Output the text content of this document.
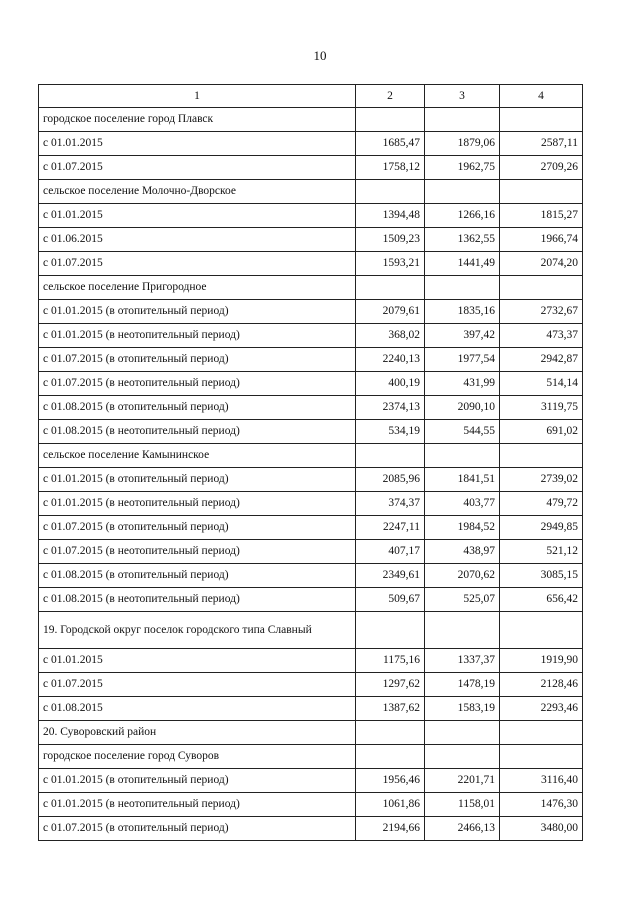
10
1	2	3	4
городское поселение город Плавск			
с 01.01.2015	1685,47	1879,06	2587,11
с 01.07.2015	1758,12	1962,75	2709,26
сельское поселение Молочно-Дворское			
с 01.01.2015	1394,48	1266,16	1815,27
с 01.06.2015	1509,23	1362,55	1966,74
с 01.07.2015	1593,21	1441,49	2074,20
сельское поселение Пригородное			
с 01.01.2015 (в отопительный период)	2079,61	1835,16	2732,67
с 01.01.2015 (в неотопительный период)	368,02	397,42	473,37
с 01.07.2015 (в отопительный период)	2240,13	1977,54	2942,87
с 01.07.2015 (в неотопительный период)	400,19	431,99	514,14
с 01.08.2015 (в отопительный период)	2374,13	2090,10	3119,75
с 01.08.2015 (в неотопительный период)	534,19	544,55	691,02
сельское поселение Камынинское			
с 01.01.2015 (в отопительный период)	2085,96	1841,51	2739,02
с 01.01.2015 (в неотопительный период)	374,37	403,77	479,72
с 01.07.2015 (в отопительный период)	2247,11	1984,52	2949,85
с 01.07.2015 (в неотопительный период)	407,17	438,97	521,12
с 01.08.2015 (в отопительный период)	2349,61	2070,62	3085,15
с 01.08.2015 (в неотопительный период)	509,67	525,07	656,42
19. Городской округ поселок городского типа Славный			
с 01.01.2015	1175,16	1337,37	1919,90
с 01.07.2015	1297,62	1478,19	2128,46
с 01.08.2015	1387,62	1583,19	2293,46
20. Суворовский район			
городское поселение город Суворов			
с 01.01.2015 (в отопительный период)	1956,46	2201,71	3116,40
с 01.01.2015 (в неотопительный период)	1061,86	1158,01	1476,30
с 01.07.2015 (в отопительный период)	2194,66	2466,13	3480,00
